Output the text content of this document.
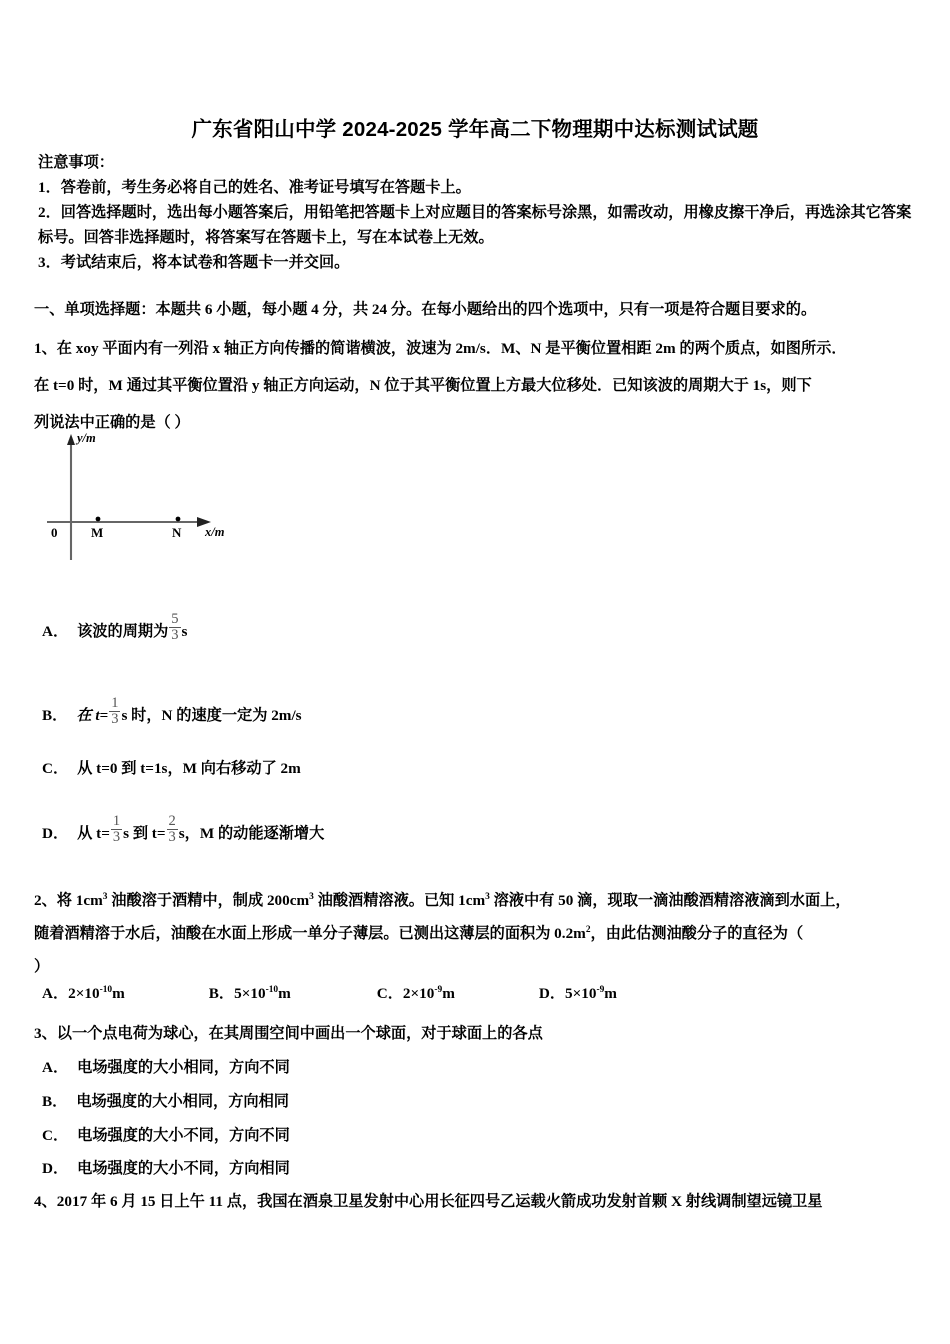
广东省阳山中学 2024-2025 学年高二下物理期中达标测试试题
注意事项：
1．答卷前，考生务必将自己的姓名、准考证号填写在答题卡上。
2．回答选择题时，选出每小题答案后，用铅笔把答题卡上对应题目的答案标号涂黑，如需改动，用橡皮擦干净后，再选涂其它答案标号。回答非选择题时，将答案写在答题卡上，写在本试卷上无效。
3．考试结束后，将本试卷和答题卡一并交回。
一、单项选择题：本题共 6 小题，每小题 4 分，共 24 分。在每小题给出的四个选项中，只有一项是符合题目要求的。
1、在 xoy 平面内有一列沿 x 轴正方向传播的简谐横波，波速为 2m/s．M、N 是平衡位置相距 2m 的两个质点，如图所示．
在 t=0 时，M 通过其平衡位置沿 y 轴正方向运动，N 位于其平衡位置上方最大位移处．已知该波的周期大于 1s，则下
列说法中正确的是（ ）
y/m
0	M	N x/m
A． 该波的周期为 $\frac{5}{3}$ s
B． 在 $t= \frac{1}{3}$ s 时，N 的速度一定为 2m/s
C． 从 t=0 到 t=1s，M 向右移动了 2m
D． 从 $t= \frac{1}{3}$ s 到 $t= \frac{2}{3}$ s，M 的动能逐渐增大
2、将 $1cm^3$ 油酸溶于酒精中，制成 $200cm^3$ 油酸酒精溶液。已知 $1cm^3$ 溶液中有 50 滴，现取一滴油酸酒精溶液滴到水面上，
随着酒精溶于水后，油酸在水面上形成一单分子薄层。已测出这薄层的面积为 $0.2m^2$，由此估测油酸分子的直径为（
）
A．$2\times 10^{-10}m$	B．$5\times 10^{-10}m$	C．$2\times 10^{-9}m$	D．$5\times 10^{-9}m$
3、以一个点电荷为球心，在其周围空间中画出一个球面，对于球面上的各点
A． 电场强度的大小相同，方向不同
B． 电场强度的大小相同，方向相同
C． 电场强度的大小不同，方向不同
D． 电场强度的大小不同，方向相同
4、2017 年 6 月 15 日上午 11 点，我国在酒泉卫星发射中心用长征四号乙运载火箭成功发射首颗 X 射线调制望远镜卫星
